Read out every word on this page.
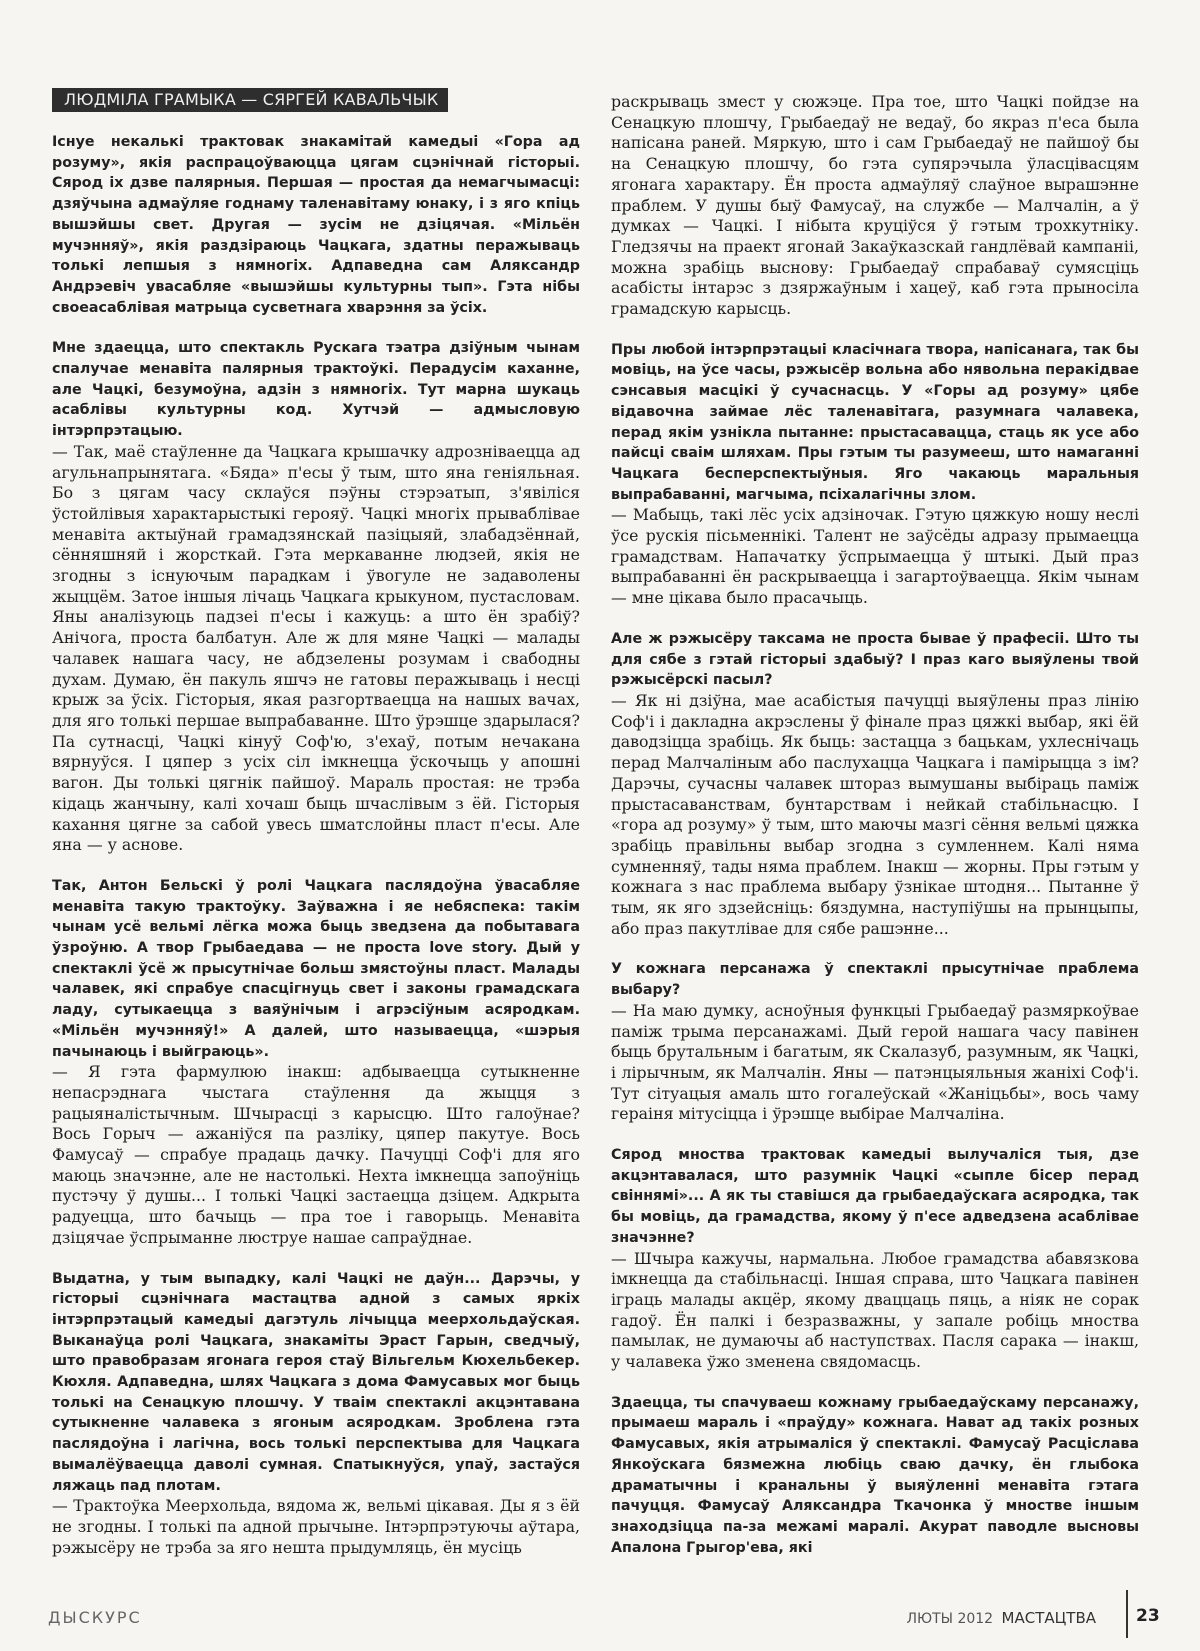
ЛЮДМІЛА ГРАМЫКА — СЯРГЕЙ КАВАЛЬЧЫК

Існуе некалькі трактовак знакамітай камедыі «Гора ад розуму», якія распрацоўваюцца цягам сцэнічнай гісторыі. Сярод іх дзве палярныя. Першая — простая да немагчымасці: дзяўчына адмаўляе годнаму таленавітаму юнаку, і з яго кпіць вышэйшы свет. Другая — зусім не дзіцячая. «Мільён мучэнняў», якія раздзіраюць Чацкага, здатны перажываць толькі лепшыя з нямногіх. Адпаведна сам Аляксандр Андрэевіч увасабляе «вышэйшы культурны тып». Гэта нібы своеасаблівая матрыца сусветнага хварэння за ўсіх.

Мне здаецца, што спектакль Рускага тэатра дзіўным чынам спалучае менавіта палярныя трактоўкі. Перадусім каханне, але Чацкі, безумоўна, адзін з нямногіх. Тут марна шукаць асаблівы культурны код. Хутчэй — адмысловую інтэрпрэтацыю.

— Так, маё стаўленне да Чацкага крышачку адрозніваецца ад агульнапрынятага. «Бяда» п'есы ў тым, што яна геніяльная. Бо з цягам часу склаўся пэўны стэрэатып, з'явіліся ўстойлівыя характарыстыкі герояў. Чацкі многіх прываблівае менавіта актыўнай грамадзянскай пазіцыяй, злабадзённай, сённяшняй і жорсткай. Гэта меркаванне людзей, якія не згодны з існуючым парадкам і ўвогуле не задаволены жыццём. Затое іншыя лічаць Чацкага крыкуном, пустасловам. Яны аналізуюць падзеі п'есы і кажуць: а што ён зрабіў? Анічога, проста балбатун. Але ж для мяне Чацкі — малады чалавек нашага часу, не абдзелены розумам і свабодны духам. Думаю, ён пакуль яшчэ не гатовы перажываць і несці крыж за ўсіх. Гісторыя, якая разгортваецца на нашых вачах, для яго толькі першае выпрабаванне. Што ўрэшце здарылася? Па сутнасці, Чацкі кінуў Соф'ю, з'ехаў, потым нечакана вярнуўся. І цяпер з усіх сіл імкнецца ўскочыць у апошні вагон. Ды толькі цягнік пайшоў. Мараль простая: не трэба кідаць жанчыну, калі хочаш быць шчаслівым з ёй. Гісторыя кахання цягне за сабой увесь шматслойны пласт п'есы. Але яна — у аснове.

Так, Антон Бельскі ў ролі Чацкага паслядоўна ўвасабляе менавіта такую трактоўку. Заўважна і яе небяспека: такім чынам усё вельмі лёгка можа быць зведзена да побытавага ўзроўню. А твор Грыбаедава — не проста love story. Дый у спектаклі ўсё ж прысутнічае больш змястоўны пласт. Малады чалавек, які спрабуе спасцігнуць свет і законы грамадскага ладу, сутыкаецца з ваяўнічым і агрэсіўным асяродкам. «Мільён мучэнняў!» А далей, што называецца, «шэрыя пачынаюць і выйграюць».

— Я гэта фармулюю інакш: адбываецца сутыкненне непасрэднага чыстага стаўлення да жыцця з рацыяналістычным. Шчырасці з карысцю. Што галоўнае? Вось Горыч — ажаніўся па разліку, цяпер пакутуе. Вось Фамусаў — спрабуе прадаць дачку. Пачуцці Соф'і для яго маюць значэнне, але не настолькі. Нехта імкнецца запоўніць пустэчу ў душы... І толькі Чацкі застаецца дзіцем. Адкрыта радуецца, што бачыць — пра тое і гаворыць. Менавіта дзіцячае ўспрыманне люструе нашае сапраўднае.

Выдатна, у тым выпадку, калі Чацкі не даўн... Дарэчы, у гісторыі сцэнічнага мастацтва адной з самых яркіх інтэрпрэтацый камедыі дагэтуль лічыцца меерхольдаўская. Выканаўца ролі Чацкага, знакаміты Эраст Гарын, сведчыў, што правобразам ягонага героя стаў Вільгельм Кюхельбекер. Кюхля. Адпаведна, шлях Чацкага з дома Фамусавых мог быць толькі на Сенацкую плошчу. У тваім спектаклі акцэнтавана сутыкненне чалавека з ягоным асяродкам. Зроблена гэта паслядоўна і лагічна, вось толькі перспектыва для Чацкага вымалёўваецца даволі сумная. Спатыкнуўся, упаў, застаўся ляжаць пад плотам.

— Трактоўка Меерхольда, вядома ж, вельмі цікавая. Ды я з ёй не згодны. І толькі па адной прычыне. Інтэрпрэтуючы аўтара, рэжысёру не трэба за яго нешта прыдумляць, ён мусіць

раскрываць змест у сюжэце. Пра тое, што Чацкі пойдзе на Сенацкую плошчу, Грыбаедаў не ведаў, бо якраз п'еса была напісана раней. Мяркую, што і сам Грыбаедаў не пайшоў бы на Сенацкую плошчу, бо гэта супярэчыла ўласцівасцям ягонага характару. Ён проста адмаўляў слаўное вырашэнне праблем. У душы быў Фамусаў, на службе — Малчалін, а ў думках — Чацкі. І нібыта круціўся ў гэтым трохкутніку. Гледзячы на праект ягонай Закаўказскай гандлёвай кампаніі, можна зрабіць выснову: Грыбаедаў спрабаваў сумясціць асабісты інтарэс з дзяржаўным і хацеў, каб гэта прыносіла грамадскую карысць.

Пры любой інтэрпрэтацыі класічнага твора, напісанага, так бы мовіць, на ўсе часы, рэжысёр вольна або нявольна перакідвае сэнсавыя масцікі ў сучаснасць. У «Горы ад розуму» цябе відавочна займае лёс таленавітага, разумнага чалавека, перад якім узнікла пытанне: прыстасавацца, стаць як усе або пайсці сваім шляхам. Пры гэтым ты разумееш, што намаганні Чацкага бесперспектыўныя. Яго чакаюць маральныя выпрабаванні, магчыма, псіхалагічны злом.

— Мабыць, такі лёс усіх адзіночак. Гэтую цяжкую ношу неслі ўсе рускія пісьменнікі. Талент не заўсёды адразу прымаецца грамадствам. Напачатку ўспрымаецца ў штыкі. Дый праз выпрабаванні ён раскрываецца і загартоўваецца. Якім чынам — мне цікава было прасачыць.

Але ж рэжысёру таксама не проста бывае ў прафесіі. Што ты для сябе з гэтай гісторыі здабыў? І праз каго выяўлены твой рэжысёрскі пасыл?

— Як ні дзіўна, мае асабістыя пачуцці выяўлены праз лінію Соф'і і дакладна акрэслены ў фінале праз цяжкі выбар, які ёй даводзіцца зрабіць. Як быць: застацца з бацькам, ухлеснічаць перад Малчаліным або паслухацца Чацкага і памірыцца з ім? Дарэчы, сучасны чалавек штораз вымушаны выбіраць паміж прыстасаванствам, бунтарствам і нейкай стабільнасцю. І «гора ад розуму» ў тым, што маючы мазгі сёння вельмі цяжка зрабіць правільны выбар згодна з сумленнем. Калі няма сумненняў, тады няма праблем. Інакш — жорны. Пры гэтым у кожнага з нас праблема выбару ўзнікае штодня... Пытанне ў тым, як яго здзейсніць: бяздумна, наступіўшы на прынцыпы, або праз пакутлівае для сябе рашэнне...

У кожнага персанажа ў спектаклі прысутнічае праблема выбару?

— На маю думку, асноўныя функцыі Грыбаедаў размяркоўвае паміж трыма персанажамі. Дый герой нашага часу павінен быць брутальным і багатым, як Скалазуб, разумным, як Чацкі, і лірычным, як Малчалін. Яны — патэнцыяльныя жаніхі Соф'і. Тут сітуацыя амаль што гогалеўскай «Жаніцьбы», вось чаму гераіня мітусіцца і ўрэшце выбірае Малчаліна.

Сярод мноства трактовак камедыі вылучаліся тыя, дзе акцэнтавалася, што разумнік Чацкі «сыпле бісер перад свіннямі»... А як ты ставішся да грыбаедаўскага асяродка, так бы мовіць, да грамадства, якому ў п'есе адведзена асаблівае значэнне?

— Шчыра кажучы, нармальна. Любое грамадства абавязкова імкнецца да стабільнасці. Іншая справа, што Чацкага павінен іграць малады акцёр, якому дваццаць пяць, а ніяк не сорак гадоў. Ён палкі і безразважны, у запале робіць мноства памылак, не думаючы аб наступствах. Пасля сарака — інакш, у чалавека ўжо зменена свядомасць.

Здаецца, ты спачуваеш кожнаму грыбаедаўскаму персанажу, прымаеш мараль і «праўду» кожнага. Нават ад такіх розных Фамусавых, якія атрымаліся ў спектаклі. Фамусаў Расціслава Янкоўскага бязмежна любіць сваю дачку, ён глыбока драматычны і кранальны ў выяўленні менавіта гэтага пачуцця. Фамусаў Аляксандра Ткачонка ў мностве іншым знаходзіцца па-за межамі маралі. Акурат паводле высновы Апалона Грыгор'ева, які

ДЫСКУРС	ЛЮТЫ 2012 МАСТАЦТВА 23
